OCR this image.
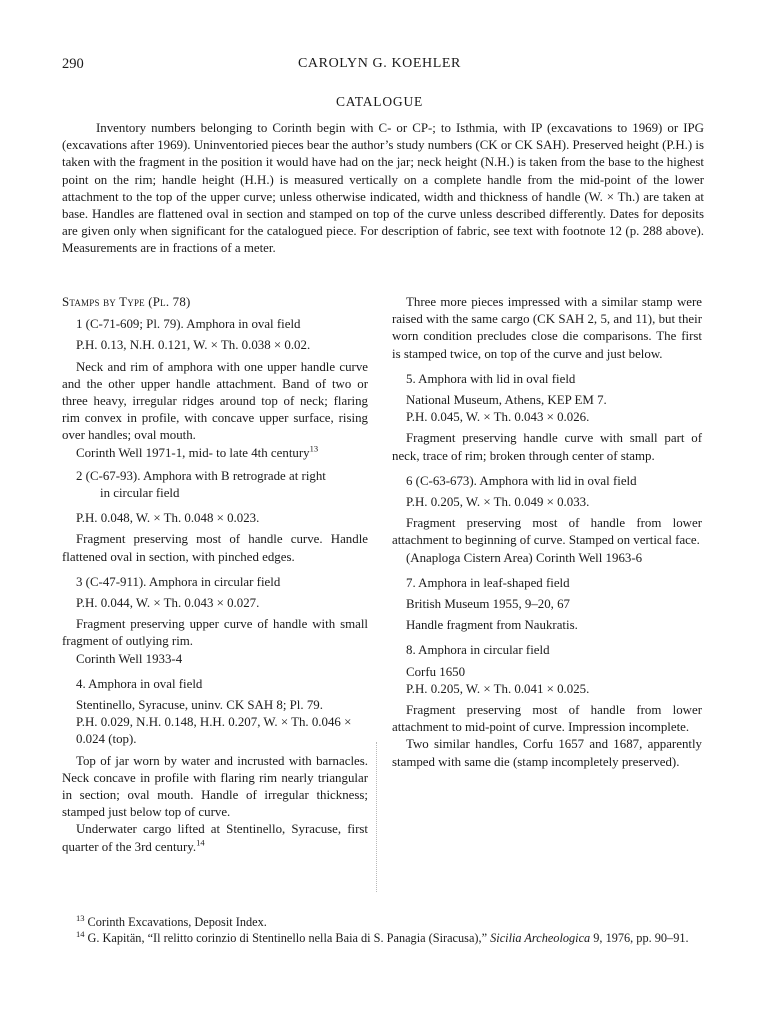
290	CAROLYN G. KOEHLER
CATALOGUE

Inventory numbers belonging to Corinth begin with C- or CP-; to Isthmia, with IP (excavations to 1969) or IPG (excavations after 1969). Uninventoried pieces bear the author’s study numbers (CK or CK SAH). Preserved height (P.H.) is taken with the fragment in the position it would have had on the jar; neck height (N.H.) is taken from the base to the highest point on the rim; handle height (H.H.) is measured vertically on a complete handle from the mid-point of the lower attachment to the top of the upper curve; unless otherwise indicated, width and thickness of handle (W. × Th.) are taken at base. Handles are flattened oval in section and stamped on top of the curve unless described differently. Dates for deposits are given only when significant for the catalogued piece. For description of fabric, see text with footnote 12 (p. 288 above). Measurements are in fractions of a meter.

Stamps by Type (Pl. 78)

1 (C-71-609; Pl. 79). Amphora in oval field

P.H. 0.13, N.H. 0.121, W. × Th. 0.038 × 0.02.

Neck and rim of amphora with one upper handle curve and the other upper handle attachment. Band of two or three heavy, irregular ridges around top of neck; flaring rim convex in profile, with concave upper surface, rising over handles; oval mouth.

Corinth Well 1971-1, mid- to late 4th century$^{13}$

2 (C-67-93). Amphora with B retrograde at right
in circular field

P.H. 0.048, W. × Th. 0.048 × 0.023.

Fragment preserving most of handle curve. Handle flattened oval in section, with pinched edges.

3 (C-47-911). Amphora in circular field

P.H. 0.044, W. × Th. 0.043 × 0.027.

Fragment preserving upper curve of handle with small fragment of outlying rim.

Corinth Well 1933-4

4. Amphora in oval field

Stentinello, Syracuse, uninv. CK SAH 8; Pl. 79.

P.H. 0.029, N.H. 0.148, H.H. 0.207, W. × Th. 0.046 × 0.024 (top).

Top of jar worn by water and incrusted with barnacles. Neck concave in profile with flaring rim nearly triangular in section; oval mouth. Handle of irregular thickness; stamped just below top of curve.

Underwater cargo lifted at Stentinello, Syracuse, first quarter of the 3rd century.$^{14}$

Three more pieces impressed with a similar stamp were raised with the same cargo (CK SAH 2, 5, and 11), but their worn condition precludes close die comparisons. The first is stamped twice, on top of the curve and just below.

5. Amphora with lid in oval field

National Museum, Athens, KEP EM 7.

P.H. 0.045, W. × Th. 0.043 × 0.026.

Fragment preserving handle curve with small part of neck, trace of rim; broken through center of stamp.

6 (C-63-673). Amphora with lid in oval field

P.H. 0.205, W. × Th. 0.049 × 0.033.

Fragment preserving most of handle from lower attachment to beginning of curve. Stamped on vertical face.

(Anaploga Cistern Area) Corinth Well 1963-6

7. Amphora in leaf-shaped field

British Museum 1955, 9–20, 67

Handle fragment from Naukratis.

8. Amphora in circular field

Corfu 1650

P.H. 0.205, W. × Th. 0.041 × 0.025.

Fragment preserving most of handle from lower attachment to mid-point of curve. Impression incomplete.

Two similar handles, Corfu 1657 and 1687, apparently stamped with same die (stamp incompletely preserved).

$^{13}$ Corinth Excavations, Deposit Index.

$^{14}$ G. Kapitän, “Il relitto corinzio di Stentinello nella Baia di S. Panagia (Siracusa),” Sicilia Archeologica 9, 1976, pp. 90–91.
